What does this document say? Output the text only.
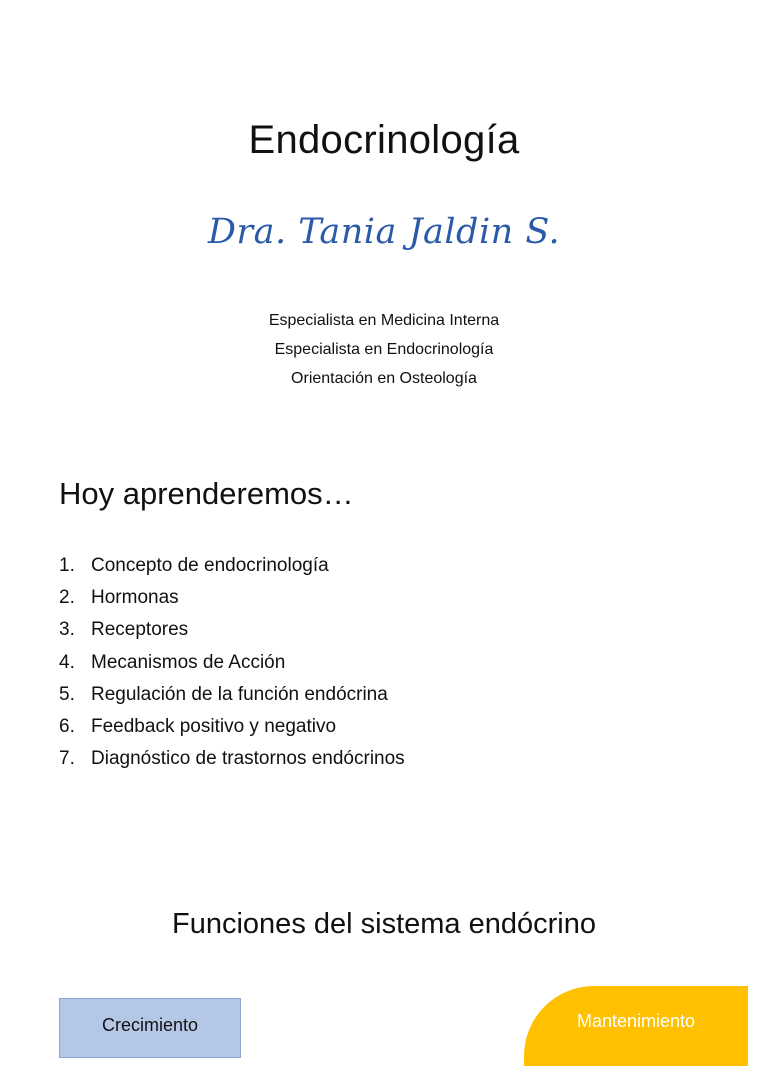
Endocrinología
Dra. Tania Jaldin S.
Especialista en Medicina Interna
Especialista en Endocrinología
Orientación en Osteología
Hoy aprenderemos…
1. Concepto de endocrinología
2. Hormonas
3. Receptores
4. Mecanismos de Acción
5. Regulación de la función endócrina
6. Feedback positivo y negativo
7. Diagnóstico de trastornos endócrinos
Funciones del sistema endócrino
Crecimiento	Mantenimiento
